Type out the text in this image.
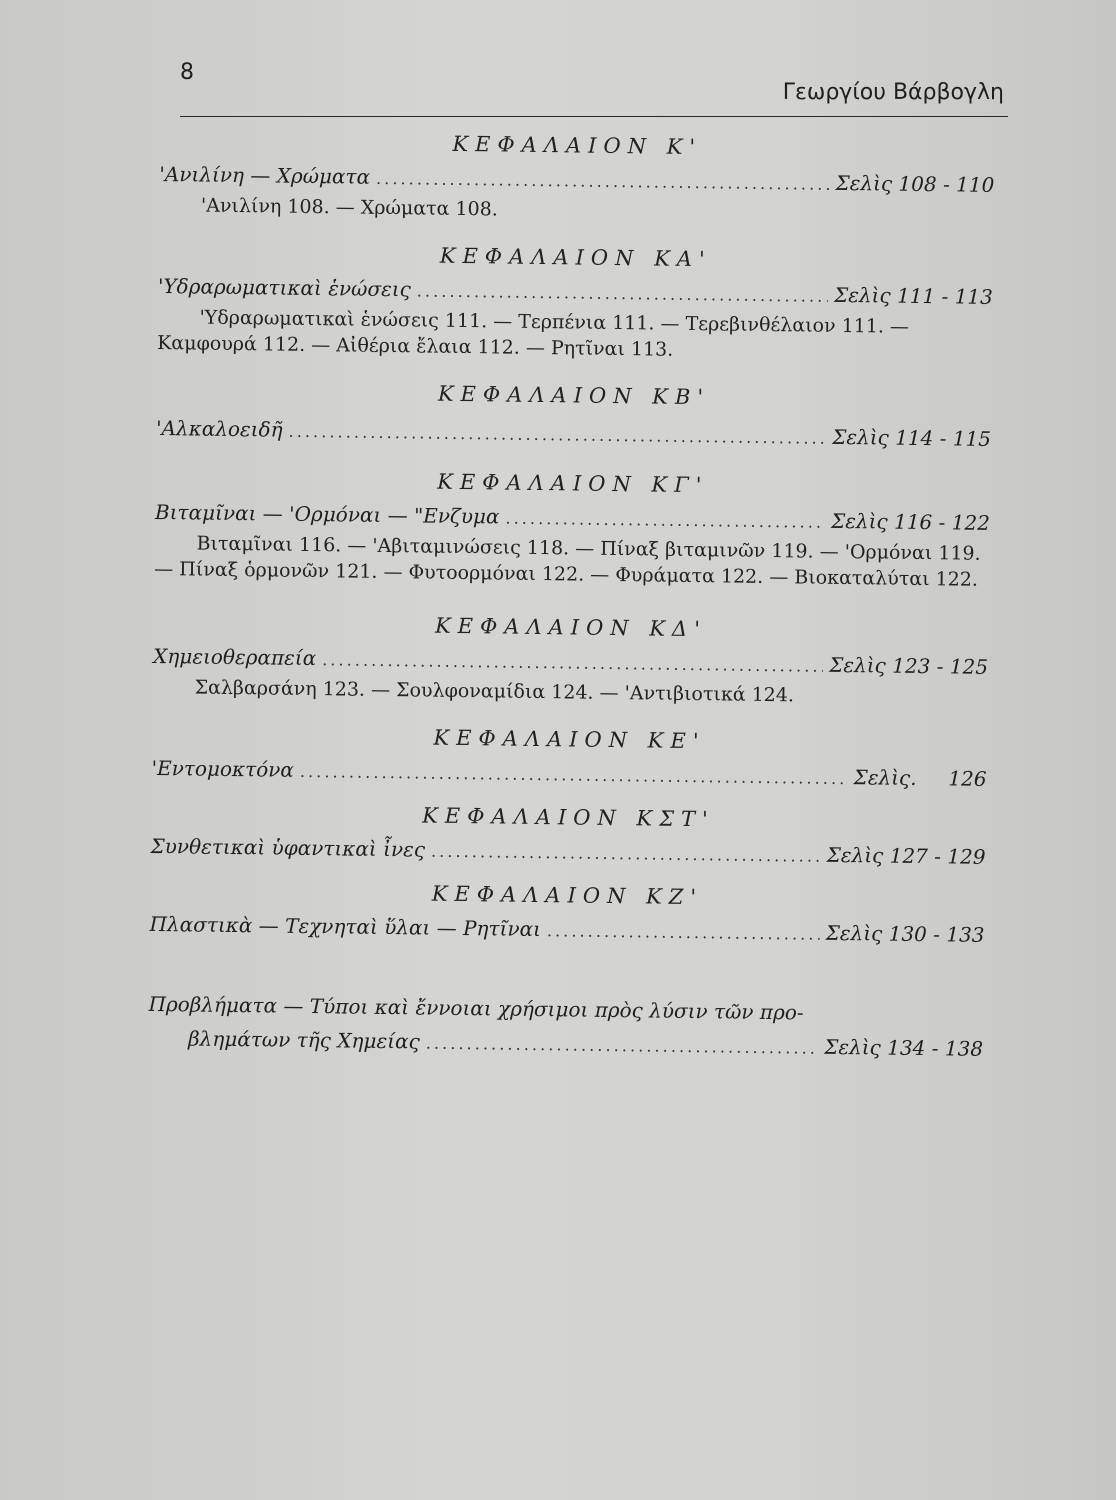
8
Γεωργίου Βάρβογλη
ΚΕΦΑΛΑΙΟΝ Κ'
'Ανιλίνη — Χρώματα . . .	Σελὶς 108 - 110

'Ανιλίνη 108. — Χρώματα 108.

ΚΕΦΑΛΑΙΟΝ ΚΑ'
'Υδραρωματικαὶ ἑνώσεις . . .	Σελὶς 111 - 113

'Υδραρωματικαὶ ἑνώσεις 111. — Τερπένια 111. — Τερεβινθέλαιον 111. — Καμφουρά 112. — Αἰθέρια ἔλαια 112. — Ρητῖναι 113.

ΚΕΦΑΛΑΙΟΝ ΚΒ'
'Αλκαλοειδῆ . . .	Σελὶς 114 - 115
ΚΕΦΑΛΑΙΟΝ ΚΓ'
Βιταμῖναι — 'Ορμόναι — "Ενζυμα . . .	Σελὶς 116 - 122

Βιταμῖναι 116. — 'Αβιταμινώσεις 118. — Πίναξ βιταμινῶν 119. — 'Ορμόναι 119. — Πίναξ ὁρμονῶν 121. — Φυτοορμόναι 122. — Φυράματα 122. — Βιοκαταλύται 122.

ΚΕΦΑΛΑΙΟΝ ΚΔ'
Χημειοθεραπεία . . .	Σελὶς 123 - 125

Σαλβαρσάνη 123. — Σουλφοναμίδια 124. — 'Αντιβιοτικά 124.

ΚΕΦΑΛΑΙΟΝ ΚΕ'
'Εντομοκτόνα . . .	Σελὶς.     126
ΚΕΦΑΛΑΙΟΝ ΚΣΤ'
Συνθετικαὶ ὑφαντικαὶ ἶνες . . .	Σελὶς 127 - 129
ΚΕΦΑΛΑΙΟΝ ΚΖ'
Πλαστικὰ — Τεχνηταὶ ὕλαι — Ρητῖναι . . .	Σελὶς 130 - 133
Προβλήματα — Τύποι καὶ ἔννοιαι χρήσιμοι πρὸς λύσιν τῶν προ-
βλημάτων τῆς Χημείας . . .	Σελὶς 134 - 138
